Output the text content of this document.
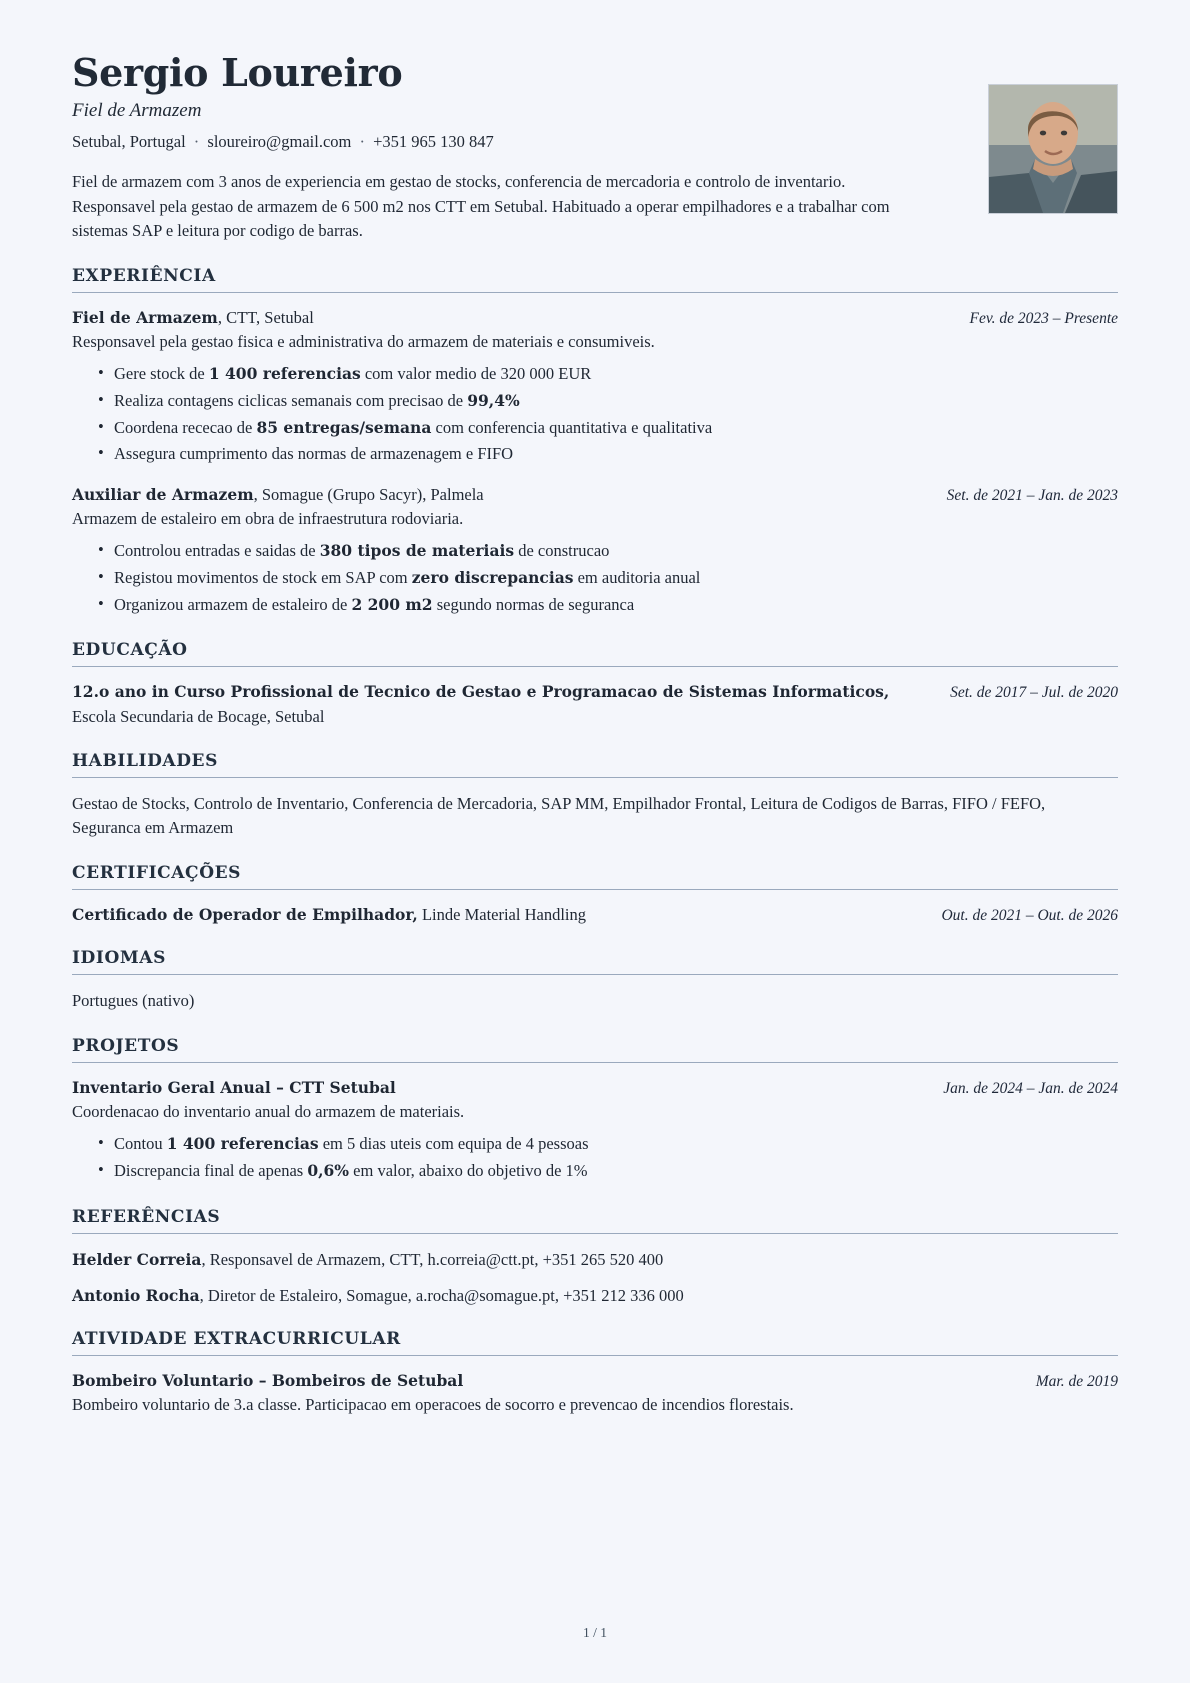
Sergio Loureiro
Fiel de Armazem
Setubal, Portugal · sloureiro@gmail.com · +351 965 130 847

Fiel de armazem com 3 anos de experiencia em gestao de stocks, conferencia de mercadoria e controlo de inventario. Responsavel pela gestao de armazem de 6 500 m2 nos CTT em Setubal. Habituado a operar empilhadores e a trabalhar com sistemas SAP e leitura por codigo de barras.

EXPERIÊNCIA
Fiel de Armazem, CTT, Setubal	Fev. de 2023 – Presente
Responsavel pela gestao fisica e administrativa do armazem de materiais e consumiveis.
• Gere stock de 1 400 referencias com valor medio de 320 000 EUR
• Realiza contagens ciclicas semanais com precisao de 99,4%
• Coordena rececao de 85 entregas/semana com conferencia quantitativa e qualitativa
• Assegura cumprimento das normas de armazenagem e FIFO
Auxiliar de Armazem, Somague (Grupo Sacyr), Palmela	Set. de 2021 – Jan. de 2023
Armazem de estaleiro em obra de infraestrutura rodoviaria.
• Controlou entradas e saidas de 380 tipos de materiais de construcao
• Registou movimentos de stock em SAP com zero discrepancias em auditoria anual
• Organizou armazem de estaleiro de 2 200 m2 segundo normas de seguranca
EDUCAÇÃO
12.o ano in Curso Profissional de Tecnico de Gestao e Programacao de Sistemas Informaticos,	Set. de 2017 – Jul. de 2020
Escola Secundaria de Bocage, Setubal
HABILIDADES
Gestao de Stocks, Controlo de Inventario, Conferencia de Mercadoria, SAP MM, Empilhador Frontal, Leitura de Codigos de Barras, FIFO / FEFO, Seguranca em Armazem
CERTIFICAÇÕES
Certificado de Operador de Empilhador, Linde Material Handling	Out. de 2021 – Out. de 2026
IDIOMAS
Portugues (nativo)
PROJETOS
Inventario Geral Anual – CTT Setubal	Jan. de 2024 – Jan. de 2024
Coordenacao do inventario anual do armazem de materiais.
• Contou 1 400 referencias em 5 dias uteis com equipa de 4 pessoas
• Discrepancia final de apenas 0,6% em valor, abaixo do objetivo de 1%
REFERÊNCIAS
Helder Correia, Responsavel de Armazem, CTT, h.correia@ctt.pt, +351 265 520 400
Antonio Rocha, Diretor de Estaleiro, Somague, a.rocha@somague.pt, +351 212 336 000
ATIVIDADE EXTRACURRICULAR
Bombeiro Voluntario – Bombeiros de Setubal	Mar. de 2019
Bombeiro voluntario de 3.a classe. Participacao em operacoes de socorro e prevencao de incendios florestais.
1 / 1
